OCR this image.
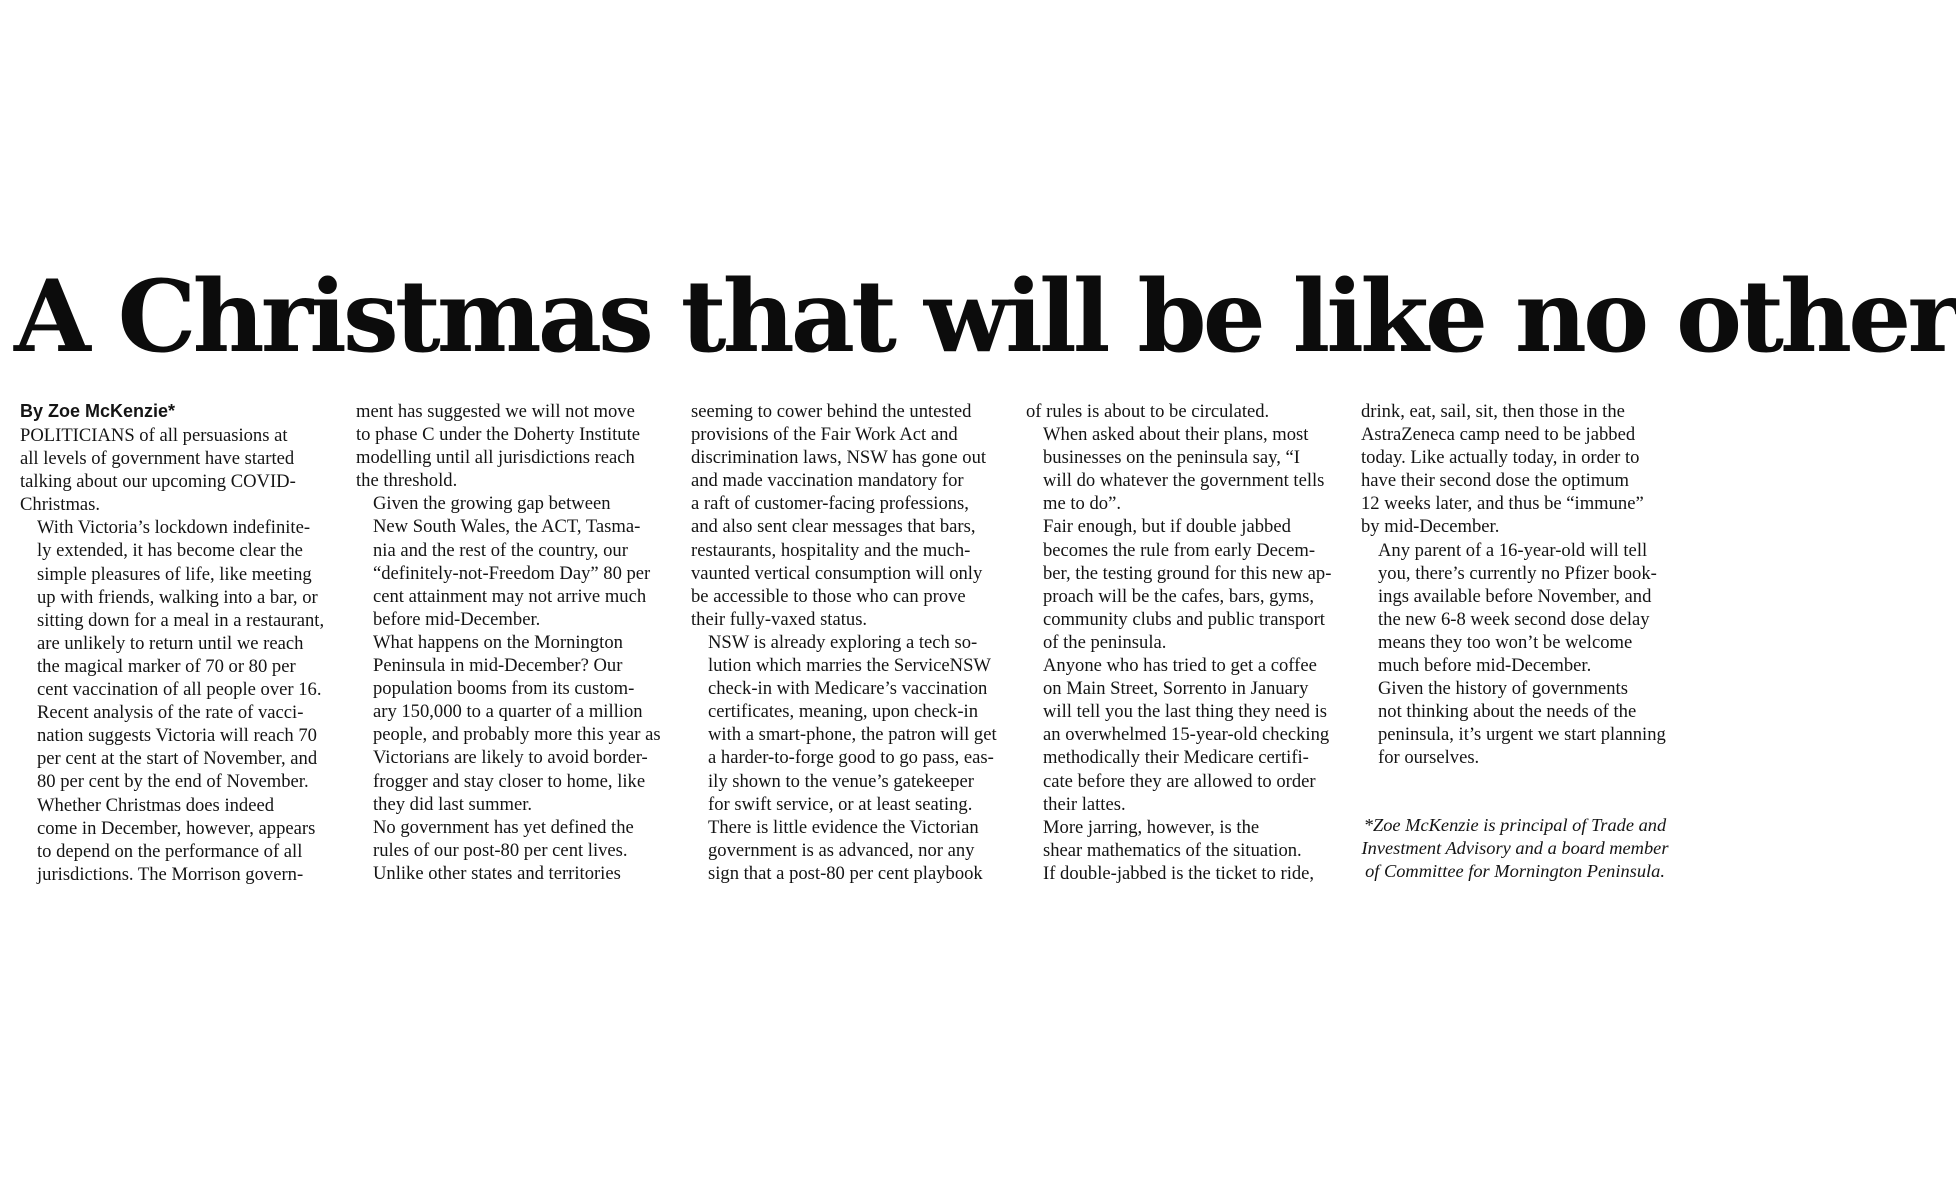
A Christmas that will be like no other
By Zoe McKenzie*

POLITICIANS of all persuasions at
all levels of government have started
talking about our upcoming COVID-
Christmas.

With Victoria’s lockdown indefinite-
ly extended, it has become clear the
simple pleasures of life, like meeting
up with friends, walking into a bar, or
sitting down for a meal in a restaurant,
are unlikely to return until we reach
the magical marker of 70 or 80 per
cent vaccination of all people over 16.

Recent analysis of the rate of vacci-
nation suggests Victoria will reach 70
per cent at the start of November, and
80 per cent by the end of November.

Whether Christmas does indeed
come in December, however, appears
to depend on the performance of all
jurisdictions. The Morrison govern-

ment has suggested we will not move
to phase C under the Doherty Institute
modelling until all jurisdictions reach
the threshold.

Given the growing gap between
New South Wales, the ACT, Tasma-
nia and the rest of the country, our
“definitely-not-Freedom Day” 80 per
cent attainment may not arrive much
before mid-December.

What happens on the Mornington
Peninsula in mid-December? Our
population booms from its custom-
ary 150,000 to a quarter of a million
people, and probably more this year as
Victorians are likely to avoid border-
frogger and stay closer to home, like
they did last summer.

No government has yet defined the
rules of our post-80 per cent lives.
Unlike other states and territories

seeming to cower behind the untested
provisions of the Fair Work Act and
discrimination laws, NSW has gone out
and made vaccination mandatory for
a raft of customer-facing professions,
and also sent clear messages that bars,
restaurants, hospitality and the much-
vaunted vertical consumption will only
be accessible to those who can prove
their fully-vaxed status.

NSW is already exploring a tech so-
lution which marries the ServiceNSW
check-in with Medicare’s vaccination
certificates, meaning, upon check-in
with a smart-phone, the patron will get
a harder-to-forge good to go pass, eas-
ily shown to the venue’s gatekeeper
for swift service, or at least seating.

There is little evidence the Victorian
government is as advanced, nor any
sign that a post-80 per cent playbook

of rules is about to be circulated.

When asked about their plans, most
businesses on the peninsula say, “I
will do whatever the government tells
me to do”.

Fair enough, but if double jabbed
becomes the rule from early Decem-
ber, the testing ground for this new ap-
proach will be the cafes, bars, gyms,
community clubs and public transport
of the peninsula.

Anyone who has tried to get a coffee
on Main Street, Sorrento in January
will tell you the last thing they need is
an overwhelmed 15-year-old checking
methodically their Medicare certifi-
cate before they are allowed to order
their lattes.

More jarring, however, is the
shear mathematics of the situation.
If double-jabbed is the ticket to ride,

drink, eat, sail, sit, then those in the
AstraZeneca camp need to be jabbed
today. Like actually today, in order to
have their second dose the optimum
12 weeks later, and thus be “immune”
by mid-December.

Any parent of a 16-year-old will tell
you, there’s currently no Pfizer book-
ings available before November, and
the new 6-8 week second dose delay
means they too won’t be welcome
much before mid-December.

Given the history of governments
not thinking about the needs of the
peninsula, it’s urgent we start planning
for ourselves.

*Zoe McKenzie is principal of Trade and
Investment Advisory and a board member
of Committee for Mornington Peninsula.
